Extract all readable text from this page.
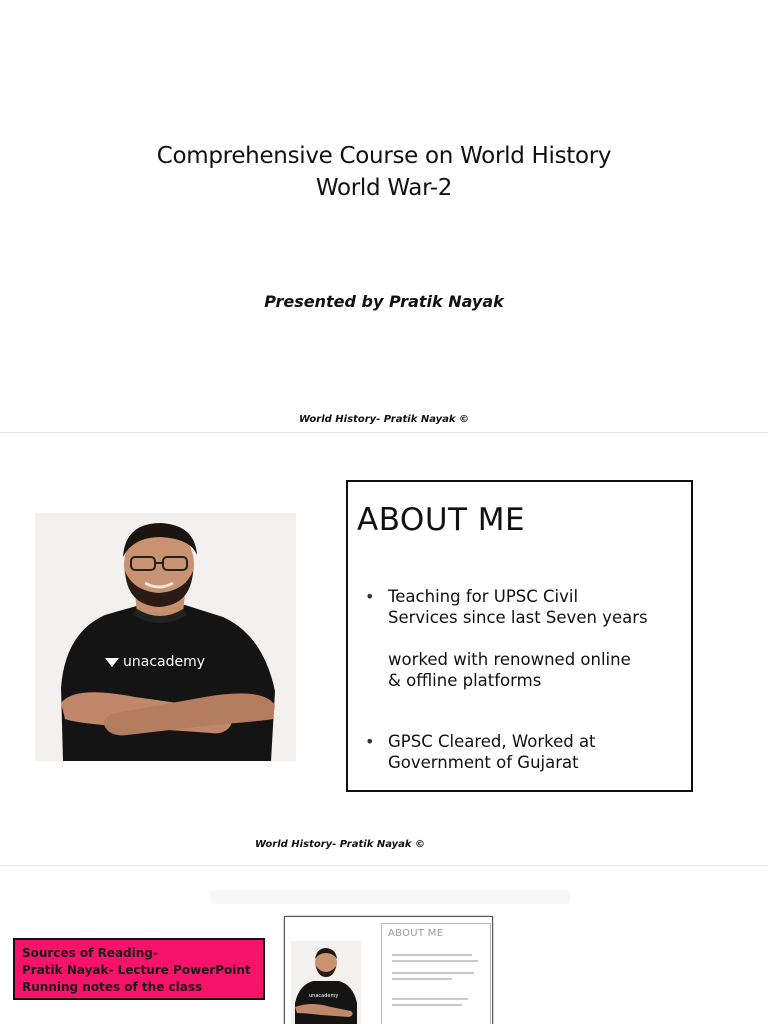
Comprehensive Course on World History
World War-2
Presented by Pratik Nayak
World History- Pratik Nayak ©
unacademy
ABOUT ME
• Teaching for UPSC Civil
Services since last Seven years
worked with renowned online
& offline platforms
• GPSC Cleared, Worked at
Government of Gujarat
World History- Pratik Nayak ©
Sources of Reading-
Pratik Nayak- Lecture PowerPoint
Running notes of the class
unacademy
ABOUT ME
